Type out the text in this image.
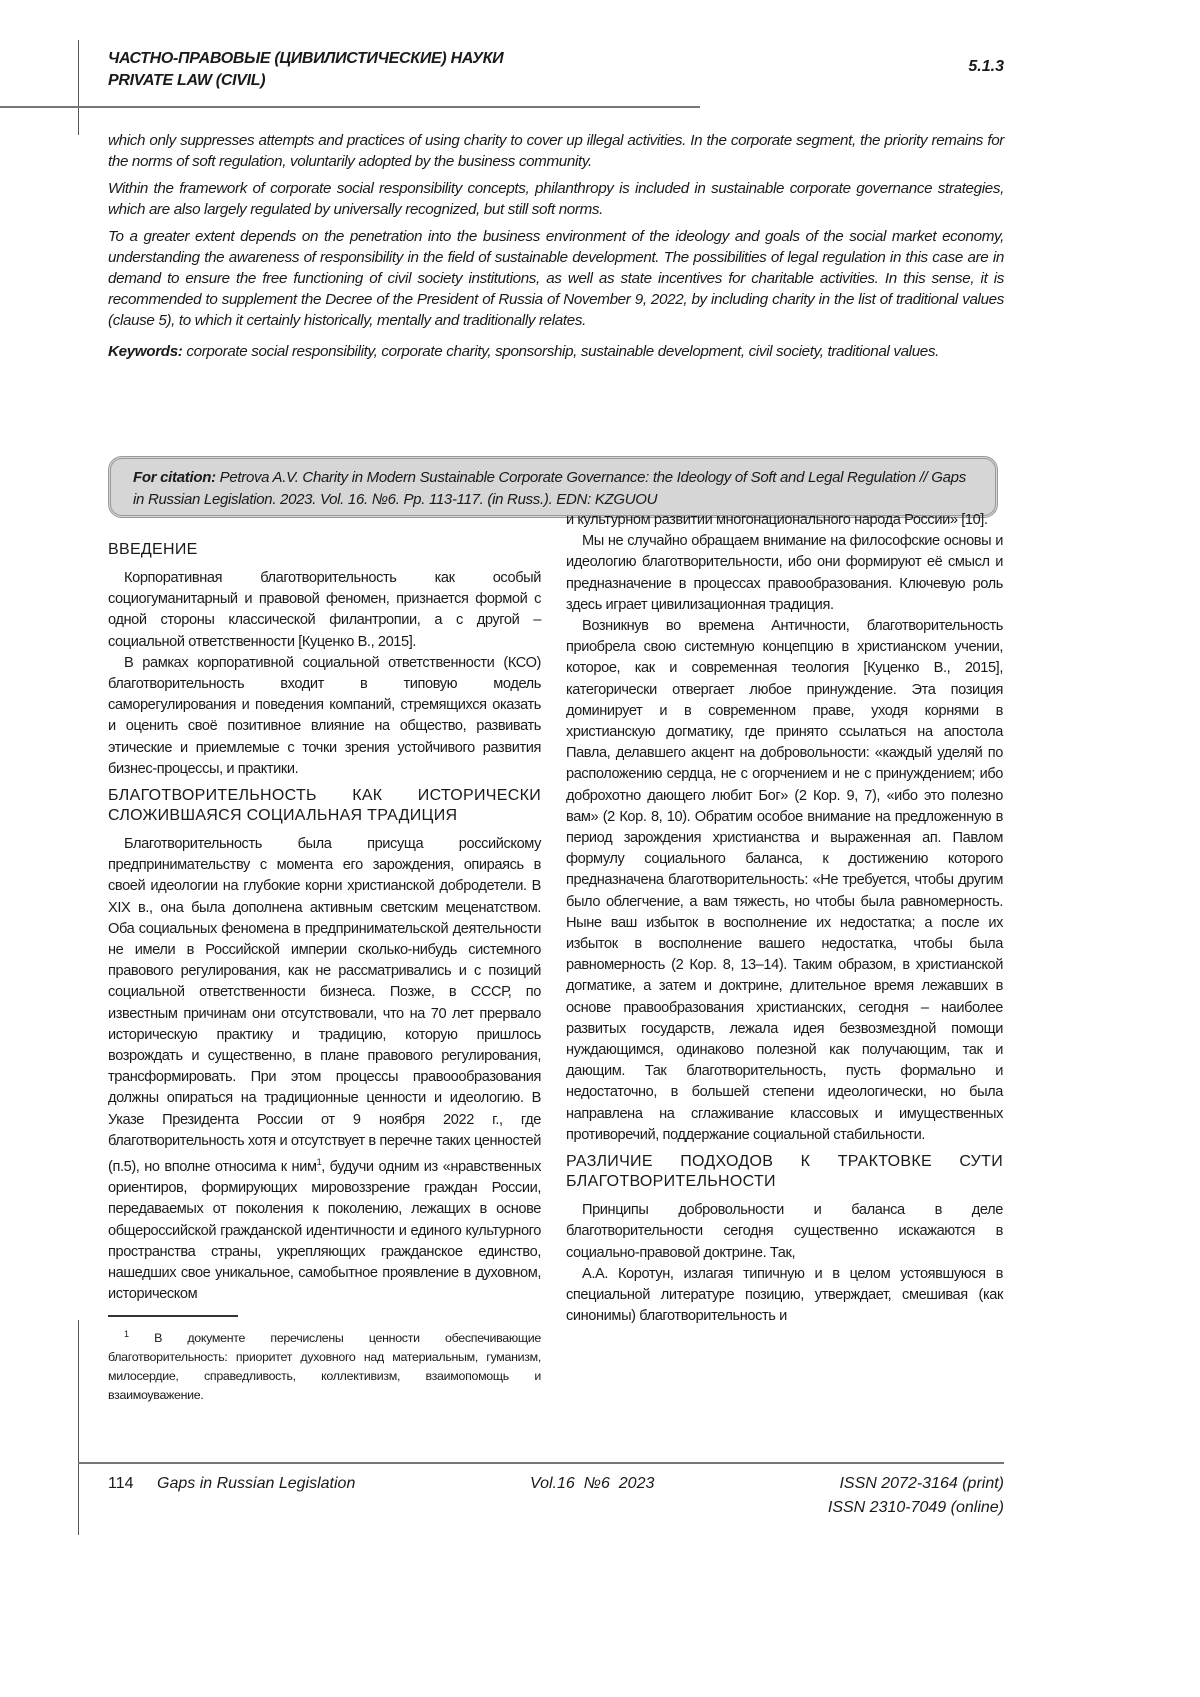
ЧАСТНО-ПРАВОВЫЕ (ЦИВИЛИСТИЧЕСКИЕ) НАУКИ
PRIVATE LAW (CIVIL)
5.1.3

which only suppresses attempts and practices of using charity to cover up illegal activities. In the corporate segment, the priority remains for the norms of soft regulation, voluntarily adopted by the business community.

Within the framework of corporate social responsibility concepts, philanthropy is included in sustainable corporate governance strategies, which are also largely regulated by universally recognized, but still soft norms.

To a greater extent depends on the penetration into the business environment of the ideology and goals of the social market economy, understanding the awareness of responsibility in the field of sustainable development. The possibilities of legal regulation in this case are in demand to ensure the free functioning of civil society institutions, as well as state incentives for charitable activities. In this sense, it is recommended to supplement the Decree of the President of Russia of November 9, 2022, by including charity in the list of traditional values (clause 5), to which it certainly historically, mentally and traditionally relates.

Keywords: corporate social responsibility, corporate charity, sponsorship, sustainable development, civil society, traditional values.

For citation: Petrova A.V. Charity in Modern Sustainable Corporate Governance: the Ideology of Soft and Legal Regulation // Gaps in Russian Legislation. 2023. Vol. 16. №6. Pp. 113-117. (in Russ.). EDN: KZGUOU
ВВЕДЕНИЕ

Корпоративная благотворительность как особый социогуманитарный и правовой феномен, признается формой с одной стороны классической филантропии, а с другой – социальной ответственности [Куценко В., 2015].

В рамках корпоративной социальной ответственности (КСО) благотворительность входит в типовую модель саморегулирования и поведения компаний, стремящихся оказать и оценить своё позитивное влияние на общество, развивать этические и приемлемые с точки зрения устойчивого развития бизнес-процессы, и практики.

БЛАГОТВОРИТЕЛЬНОСТЬ КАК ИСТОРИЧЕСКИ СЛОЖИВШАЯСЯ СОЦИАЛЬНАЯ ТРАДИЦИЯ

Благотворительность была присуща российскому предпринимательству с момента его зарождения, опираясь в своей идеологии на глубокие корни христианской добродетели. В XIX в., она была дополнена активным светским меценатством. Оба социальных феномена в предпринимательской деятельности не имели в Российской империи сколько-нибудь системного правового регулирования, как не рассматривались и с позиций социальной ответственности бизнеса. Позже, в СССР, по известным причинам они отсутствовали, что на 70 лет прервало историческую практику и традицию, которую пришлось возрождать и существенно, в плане правового регулирования, трансформировать. При этом процессы правоообразования должны опираться на традиционные ценности и идеологию. В Указе Президента России от 9 ноября 2022 г., где благотворительность хотя и отсутствует в перечне таких ценностей (п.5), но вполне относима к ним1, будучи одним из «нравственных ориентиров, формирующих мировоззрение граждан России, передаваемых от поколения к поколению, лежащих в основе общероссийской гражданской идентичности и единого культурного пространства страны, укрепляющих гражданское единство, нашедших свое уникальное, самобытное проявление в духовном, историческом

1 В документе перечислены ценности обеспечивающие благотворительность: приоритет духовного над материальным, гуманизм, милосердие, справедливость, коллективизм, взаимопомощь и взаимоуважение.

и культурном развитии многонационального народа России» [10].

Мы не случайно обращаем внимание на философские основы и идеологию благотворительности, ибо они формируют её смысл и предназначение в процессах правообразования. Ключевую роль здесь играет цивилизационная традиция.

Возникнув во времена Античности, благотворительность приобрела свою системную концепцию в христианском учении, которое, как и современная теология [Куценко В., 2015], категорически отвергает любое принуждение. Эта позиция доминирует и в современном праве, уходя корнями в христианскую догматику, где принято ссылаться на апостола Павла, делавшего акцент на добровольности: «каждый уделяй по расположению сердца, не с огорчением и не с принуждением; ибо доброхотно дающего любит Бог» (2 Кор. 9, 7), «ибо это полезно вам» (2 Кор. 8, 10). Обратим особое внимание на предложенную в период зарождения христианства и выраженная ап. Павлом формулу социального баланса, к достижению которого предназначена благотворительность: «Не требуется, чтобы другим было облегчение, а вам тяжесть, но чтобы была равномерность. Ныне ваш избыток в восполнение их недостатка; а после их избыток в восполнение вашего недостатка, чтобы была равномерность (2 Кор. 8, 13–14). Таким образом, в христианской догматике, а затем и доктрине, длительное время лежавших в основе правообразования христианских, сегодня – наиболее развитых государств, лежала идея безвозмездной помощи нуждающимся, одинаково полезной как получающим, так и дающим. Так благотворительность, пусть формально и недостаточно, в большей степени идеологически, но была направлена на сглаживание классовых и имущественных противоречий, поддержание социальной стабильности.

РАЗЛИЧИЕ ПОДХОДОВ К ТРАКТОВКЕ СУТИ БЛАГОТВОРИТЕЛЬНОСТИ

Принципы добровольности и баланса в деле благотворительности сегодня существенно искажаются в социально-правовой доктрине. Так,

А.А. Коротун, излагая типичную и в целом устоявшуюся в специальной литературе позицию, утверждает, смешивая (как синонимы) благотворительность и

114 Gaps in Russian Legislation	Vol.16  №6  2023	ISSN 2072-3164 (print)
ISSN 2310-7049 (online)
